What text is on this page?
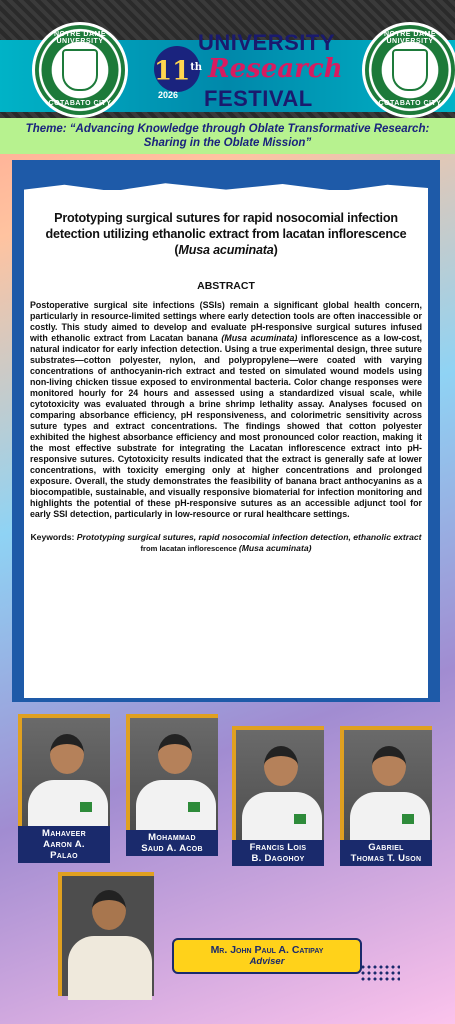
NOTRE DAME UNIVERSITY
COTABATO CITY
11th
2026
UNIVERSITY
Research
FESTIVAL
NOTRE DAME UNIVERSITY
COTABATO CITY
Theme: “Advancing Knowledge through Oblate Transformative Research:
Sharing in the Oblate Mission”
Prototyping surgical sutures for rapid nosocomial infection detection utilizing ethanolic extract from lacatan inflorescence (Musa acuminata)
ABSTRACT
Postoperative surgical site infections (SSIs) remain a significant global health concern, particularly in resource-limited settings where early detection tools are often inaccessible or costly. This study aimed to develop and evaluate pH-responsive surgical sutures infused with ethanolic extract from Lacatan banana (Musa acuminata) inflorescence as a low-cost, natural indicator for early infection detection. Using a true experimental design, three suture substrates—cotton polyester, nylon, and polypropylene—were coated with varying concentrations of anthocyanin-rich extract and tested on simulated wound models using non-living chicken tissue exposed to environmental bacteria. Color change responses were monitored hourly for 24 hours and assessed using a standardized visual scale, while cytotoxicity was evaluated through a brine shrimp lethality assay. Analyses focused on comparing absorbance efficiency, pH responsiveness, and colorimetric sensitivity across suture types and extract concentrations. The findings showed that cotton polyester exhibited the highest absorbance efficiency and most pronounced color reaction, making it the most effective substrate for integrating the Lacatan inflorescence extract into pH-responsive sutures. Cytotoxicity results indicated that the extract is generally safe at lower concentrations, with toxicity emerging only at higher concentrations and prolonged exposure. Overall, the study demonstrates the feasibility of banana bract anthocyanins as a biocompatible, sustainable, and visually responsive biomaterial for infection monitoring and highlights the potential of these pH-responsive sutures as an accessible adjunct tool for early SSI detection, particularly in low-resource or rural healthcare settings.
Keywords: Prototyping surgical sutures, rapid nosocomial infection detection, ethanolic extract from lacatan inflorescence (Musa acuminata)
Science, Technology, Engineering,
and Mathematics (STEM) strand
Mahaveer
Aaron A.
Palao
Mohammad
Saud A. Acob	Francis Lois
B. Dagohoy
Gabriel
Thomas T. Uson
Mr. John Paul A. Catipay
Adviser
